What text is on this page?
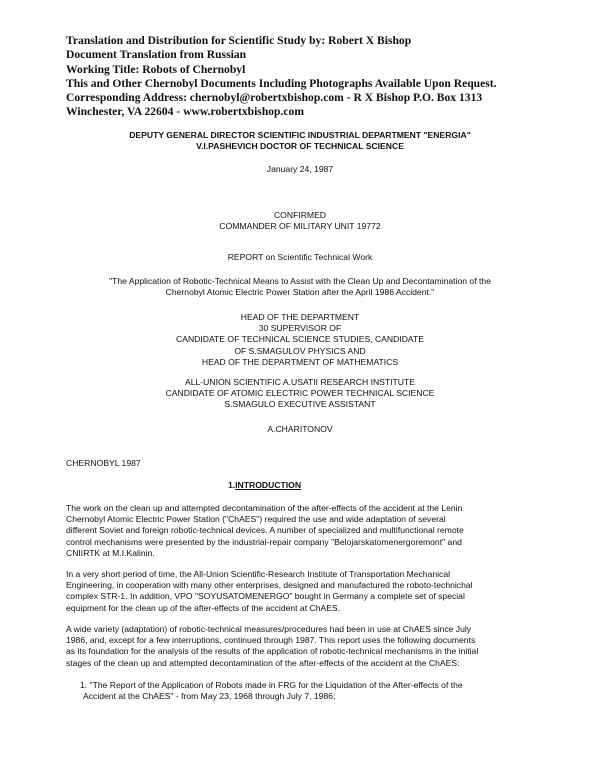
Translation and Distribution for Scientific Study by: Robert X Bishop
Document Translation from Russian
Working Title: Robots of Chernobyl
This and Other Chernobyl Documents Including Photographs Available Upon Request.
Corresponding Address: chernobyl@robertxbishop.com - R X Bishop P.O. Box 1313
Winchester, VA 22604 - www.robertxbishop.com
DEPUTY GENERAL DIRECTOR SCIENTIFIC INDUSTRIAL DEPARTMENT "ENERGIA"
V.I.PASHEVICH DOCTOR OF TECHNICAL SCIENCE
January 24, 1987
CONFIRMED
COMMANDER OF MILITARY UNIT 19772
REPORT on Scientific Technical Work
"The Application of Robotic-Technical Means to Assist with the Clean Up and Decontamination of the
Chernobyl Atomic Electric Power Station after the April 1986 Accident."
HEAD OF THE DEPARTMENT
30 SUPERVISOR OF
CANDIDATE OF TECHNICAL SCIENCE STUDIES, CANDIDATE
OF S.SMAGULOV PHYSICS AND
HEAD OF THE DEPARTMENT OF MATHEMATICS
ALL-UNION SCIENTIFIC A.USATII RESEARCH INSTITUTE
CANDIDATE OF ATOMIC ELECTRIC POWER TECHNICAL SCIENCE
S.SMAGULO EXECUTIVE ASSISTANT
A.CHARITONOV
CHERNOBYL 1987
1.INTRODUCTION
The work on the clean up and attempted decontamination of the after-effects of the accident at the Lenin
Chernobyl Atomic Electric Power Station ("ChAES") required the use and wide adaptation of several
different Soviet and foreign robotic-technical devices. A number of specialized and multifunctional remote
control mechanisms were presented by the industrial-repair company "Belojarskatomenergoremont" and
CNIIRTK at M.I.Kalinin.
In a very short period of time, the All-Union Scientific-Research Institute of Transportation Mechanical
Engineering, in cooperation with many other enterprises, designed and manufactured the roboto-technichal
complex STR-1. In addition, VPO "SOYUSATOMENERGO" bought in Germany a complete set of special
equipment for the clean up of the after-effects of the accident at ChAES.
A wide variety (adaptation) of robotic-technical measures/procedures had been in use at ChAES since July
1986, and, except for a few interruptions, continued through 1987. This report uses the following documents
as its foundation for the analysis of the results of the application of robotic-technical mechanisms in the initial
stages of the clean up and attempted decontamination of the after-effects of the accident at the ChAES:
1. "The Report of the Application of Robots made in FRG for the Liquidation of the After-effects of the
Accident at the ChAES" - from May 23, 1968 through July 7, 1986;
